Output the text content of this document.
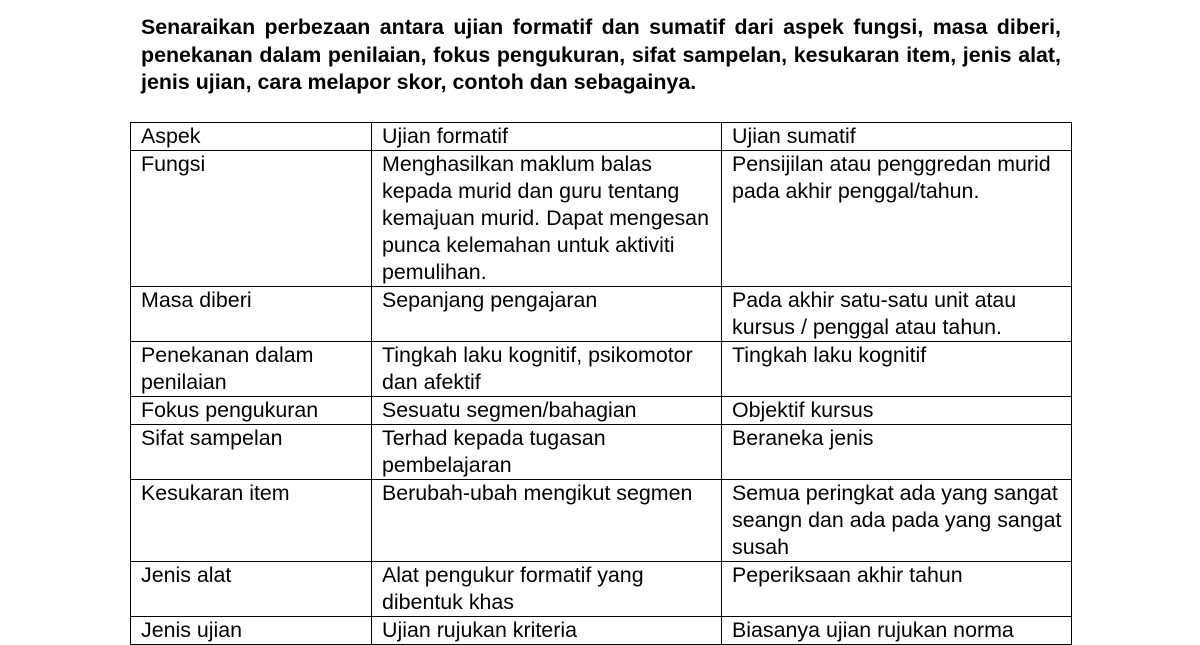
Senaraikan perbezaan antara ujian formatif dan sumatif dari aspek fungsi, masa diberi, penekanan dalam penilaian, fokus pengukuran, sifat sampelan, kesukaran item, jenis alat, jenis ujian, cara melapor skor, contoh dan sebagainya.

Aspek	Ujian formatif	Ujian sumatif
Fungsi	Menghasilkan maklum balas kepada murid dan guru tentang kemajuan murid. Dapat mengesan punca kelemahan untuk aktiviti pemulihan.	Pensijilan atau penggredan murid pada akhir penggal/tahun.
Masa diberi	Sepanjang pengajaran	Pada akhir satu-satu unit atau kursus / penggal atau tahun.
Penekanan dalam penilaian	Tingkah laku kognitif, psikomotor dan afektif	Tingkah laku kognitif
Fokus pengukuran	Sesuatu segmen/bahagian	Objektif kursus
Sifat sampelan	Terhad kepada tugasan pembelajaran	Beraneka jenis
Kesukaran item	Berubah-ubah mengikut segmen	Semua peringkat ada yang sangat seangn dan ada pada yang sangat susah
Jenis alat	Alat pengukur formatif yang dibentuk khas	Peperiksaan akhir tahun
Jenis ujian	Ujian rujukan kriteria	Biasanya ujian rujukan norma
